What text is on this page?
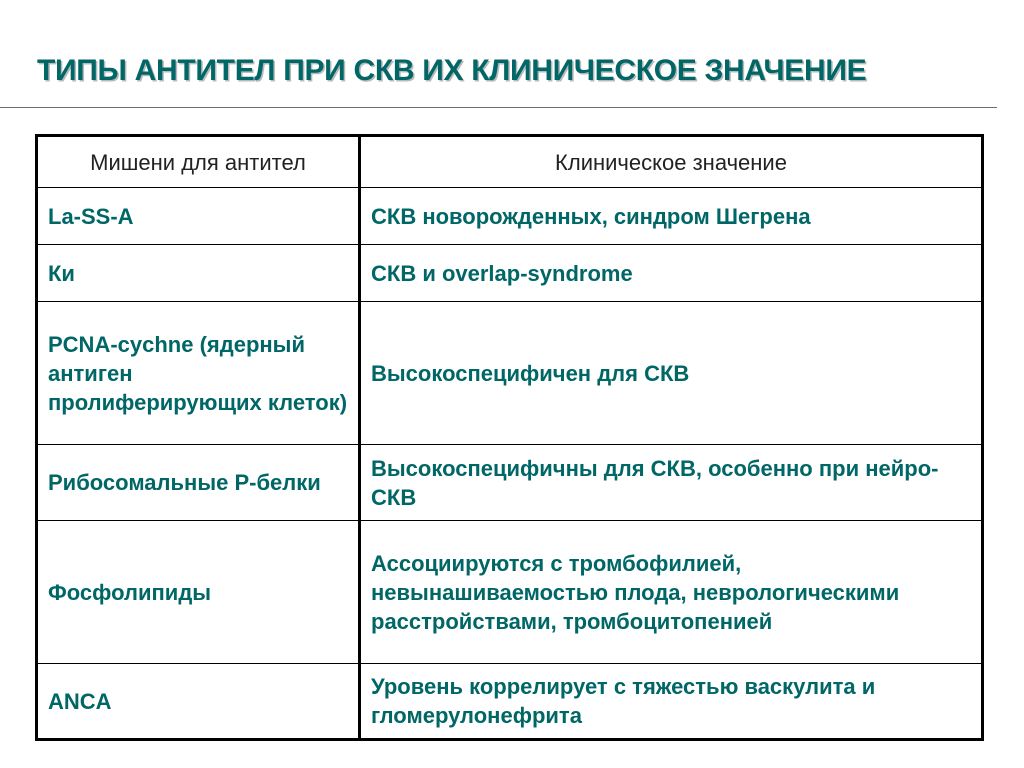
ТИПЫ АНТИТЕЛ ПРИ СКВ ИХ КЛИНИЧЕСКОЕ ЗНАЧЕНИЕ
Мишени для антител	Клиническое значение
La-SS-A	СКВ новорожденных, синдром Шегрена
Ки	СКВ и overlap-syndrome
PCNA-cychne (ядерный антиген пролиферирующих клеток)	Высокоспецифичен для СКВ
Рибосомальные Р-белки	Высокоспецифичны для СКВ, особенно при нейро-СКВ
Фосфолипиды	Ассоциируются с тромбофилией, невынашиваемостью плода, неврологическими расстройствами, тромбоцитопенией
ANCA	Уровень коррелирует с тяжестью васкулита и гломерулонефрита
